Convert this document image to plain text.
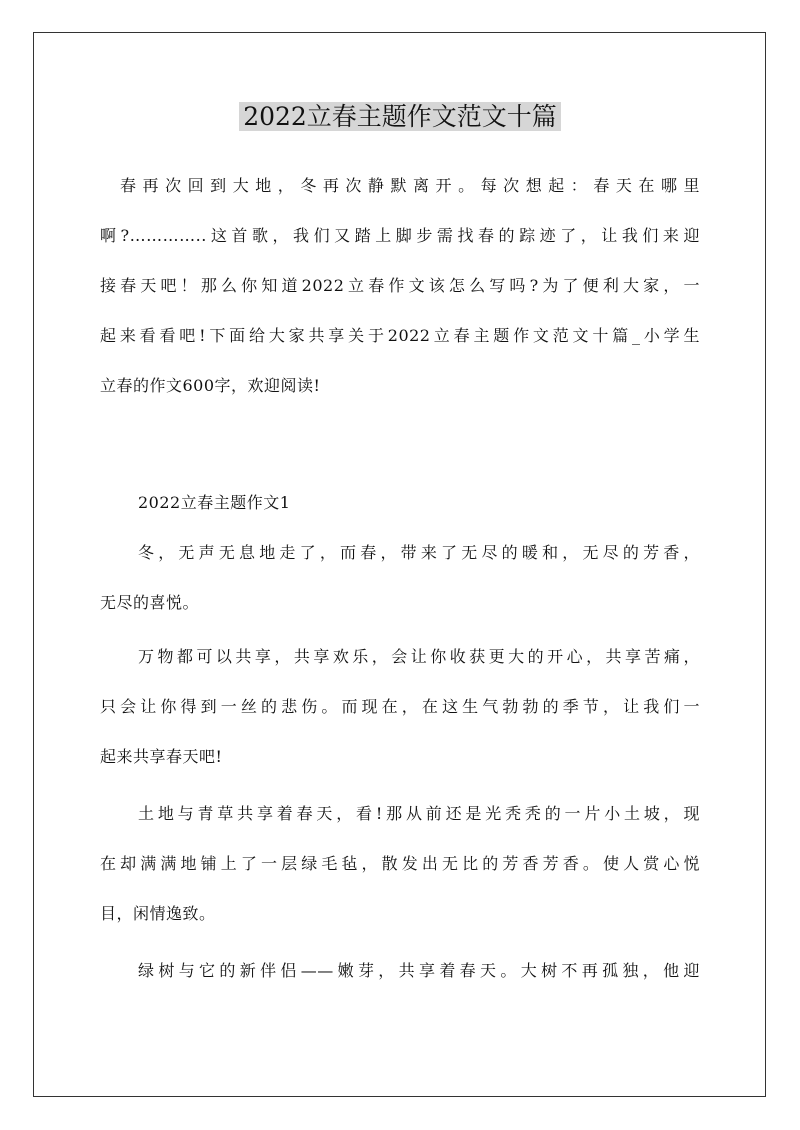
2022立春主题作文范文十篇
春再次回到大地，冬再次静默离开。每次想起：春天在哪里
啊?…………..这首歌，我们又踏上脚步需找春的踪迹了，让我们来迎
接春天吧！那么你知道2022立春作文该怎么写吗?为了便利大家，一
起来看看吧!下面给大家共享关于2022立春主题作文范文十篇_小学生
立春的作文600字，欢迎阅读!
2022立春主题作文1
冬，无声无息地走了，而春，带来了无尽的暖和，无尽的芳香，
无尽的喜悦。
万物都可以共享，共享欢乐，会让你收获更大的开心，共享苦痛，
只会让你得到一丝的悲伤。而现在，在这生气勃勃的季节，让我们一
起来共享春天吧!
土地与青草共享着春天，看!那从前还是光秃秃的一片小土坡，现
在却满满地铺上了一层绿毛毡，散发出无比的芳香芳香。使人赏心悦
目，闲情逸致。
绿树与它的新伴侣——嫩芽，共享着春天。大树不再孤独，他迎
